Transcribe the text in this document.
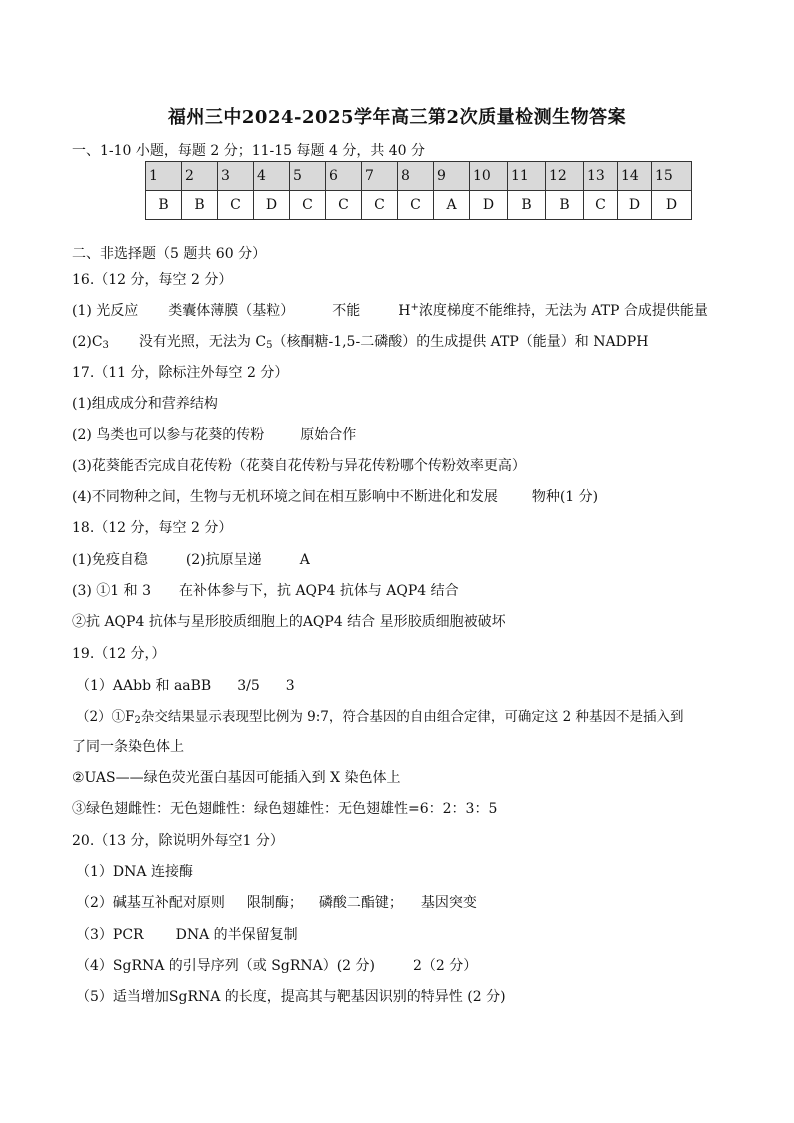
福州三中2024-2025学年高三第2次质量检测生物答案
一、1-10 小题，每题 2 分；11-15 每题 4 分，共 40 分
1	2	3	4	5	6	7	8	9	10	11	12	13	14	15
B	B	C	D	C	C	C	C	A	D	B	B	C	D	D
二、非选择题（5 题共 60 分）
16.（12 分，每空 2 分）
(1) 光反应 类囊体薄膜（基粒）	不能	H+浓度梯度不能维持，无法为 ATP 合成提供能量
$(2)C_3$ 没有光照，无法为 $C_5$（核酮糖-1,5-二磷酸）的生成提供 ATP（能量）和 NADPH
17.（11 分，除标注外每空 2 分）
(1)组成成分和营养结构
(2) 鸟类也可以参与花葵的传粉	原始合作
(3)花葵能否完成自花传粉（花葵自花传粉与异花传粉哪个传粉效率更高）
(4)不同物种之间，生物与无机环境之间在相互影响中不断进化和发展 物种(1 分)
18.（12 分，每空 2 分）
(1)免疫自稳	(2)抗原呈递	A
(3) ①1 和 3 在补体参与下，抗 AQP4 抗体与 AQP4 结合
②抗 AQP4 抗体与星形胶质细胞上的AQP4 结合 星形胶质细胞被破坏
19.（12 分，）
（1）AAbb 和 aaBB 3/5 3
$(2)①F_2$杂交结果显示表现型比例为 9:7，符合基因的自由组合定律，可确定这 2 种基因不是插入到
了同一条染色体上
②UAS——绿色荧光蛋白基因可能插入到 X 染色体上
③绿色翅雌性：无色翅雌性：绿色翅雄性：无色翅雄性=6：2：3：5
20.（13 分，除说明外每空1 分）
（1）DNA 连接酶
（2）碱基互补配对原则 限制酶； 磷酸二酯键； 基因突变
（3）PCR DNA 的半保留复制
（4）SgRNA 的引导序列（或 SgRNA）(2 分)	2（2 分）
（5）适当增加SgRNA 的长度，提高其与靶基因识别的特异性 (2 分)
